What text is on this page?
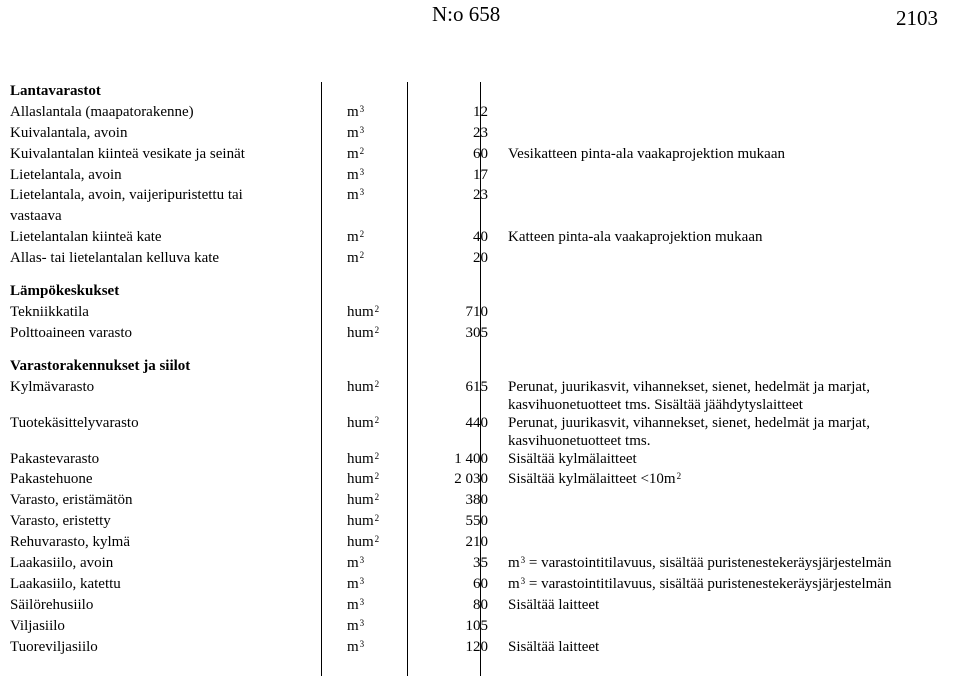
N:o 658	2103
Lantavarastot			
Allaslantala (maapatorakenne)	$m^3$	12	
Kuivalantala, avoin	$m^3$	23	
Kuivalantalan kiinteä vesikate ja seinät	$m^2$	60	Vesikatteen pinta-ala vaakaprojektion mukaan
Lietelantala, avoin	$m^3$	17	
Lietelantala, avoin, vaijeripuristettu tai	$m^3$	23	
vastaava			
Lietelantalan kiinteä kate	$m^2$	40	Katteen pinta-ala vaakaprojektion mukaan
Allas- tai lietelantalan kelluva kate	$m^2$	20	

Lämpökeskukset			
Tekniikkatila	hum$^2$	710	
Polttoaineen varasto	hum$^2$	305	

Varastorakennukset ja siilot			
Kylmävarasto	hum$^2$	615	Perunat, juurikasvit, vihannekset, sienet, hedelmät ja marjat,
kasvihuonetuotteet tms. Sisältää jäähdytyslaitteet

Tuotekäsittelyvarasto	hum$^2$	440	Perunat, juurikasvit, vihannekset, sienet, hedelmät ja marjat,
kasvihuonetuotteet tms.

Pakastevarasto	hum$^2$	1 400	Sisältää kylmälaitteet
Pakastehuone	hum$^2$	2 030	Sisältää kylmälaitteet $<10m^2$
Varasto, eristämätön	hum$^2$	380	
Varasto, eristetty	hum$^2$	550	
Rehuvarasto, kylmä	hum$^2$	210	
Laakasiilo, avoin	$m^3$	35	$m^3$ = varastointitilavuus, sisältää puristenestekeräysjärjestelmän
Laakasiilo, katettu	$m^3$	60	$m^3$ = varastointitilavuus, sisältää puristenestekeräysjärjestelmän
Säilörehusiilo	$m^3$	80	Sisältää laitteet
Viljasiilo	$m^3$	105	
Tuoreviljasiilo	$m^3$	120	Sisältää laitteet
